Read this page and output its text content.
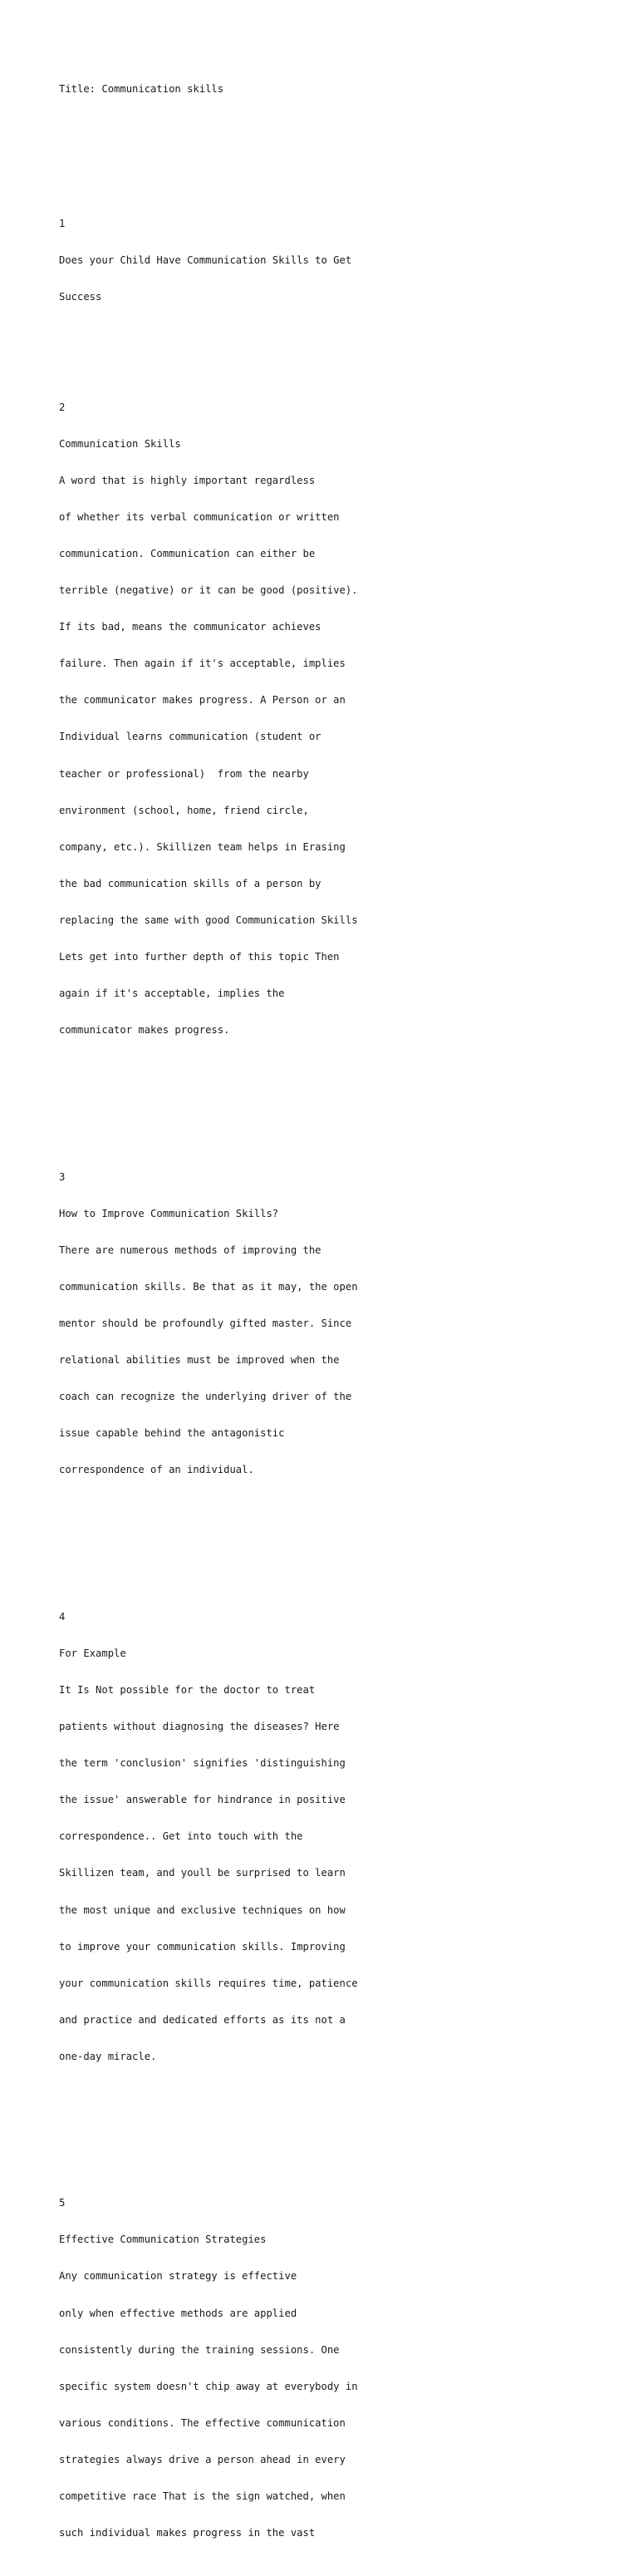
Title: Communication skills

1

Does your Child Have Communication Skills to Get

Success

2

Communication Skills

A word that is highly important regardless

of whether its verbal communication or written

communication. Communication can either be

terrible (negative) or it can be good (positive).

If its bad, means the communicator achieves

failure. Then again if it's acceptable, implies

the communicator makes progress. A Person or an

Individual learns communication (student or

teacher or professional)  from the nearby

environment (school, home, friend circle,

company, etc.). Skillizen team helps in Erasing

the bad communication skills of a person by

replacing the same with good Communication Skills

Lets get into further depth of this topic Then

again if it's acceptable, implies the

communicator makes progress.

3

How to Improve Communication Skills?

There are numerous methods of improving the

communication skills. Be that as it may, the open

mentor should be profoundly gifted master. Since

relational abilities must be improved when the

coach can recognize the underlying driver of the

issue capable behind the antagonistic

correspondence of an individual.

4

For Example

It Is Not possible for the doctor to treat

patients without diagnosing the diseases? Here

the term 'conclusion' signifies 'distinguishing

the issue' answerable for hindrance in positive

correspondence.. Get into touch with the

Skillizen team, and youll be surprised to learn

the most unique and exclusive techniques on how

to improve your communication skills. Improving

your communication skills requires time, patience

and practice and dedicated efforts as its not a

one-day miracle.

5

Effective Communication Strategies

Any communication strategy is effective

only when effective methods are applied

consistently during the training sessions. One

specific system doesn't chip away at everybody in

various conditions. The effective communication

strategies always drive a person ahead in every

competitive race That is the sign watched, when

such individual makes progress in the vast
